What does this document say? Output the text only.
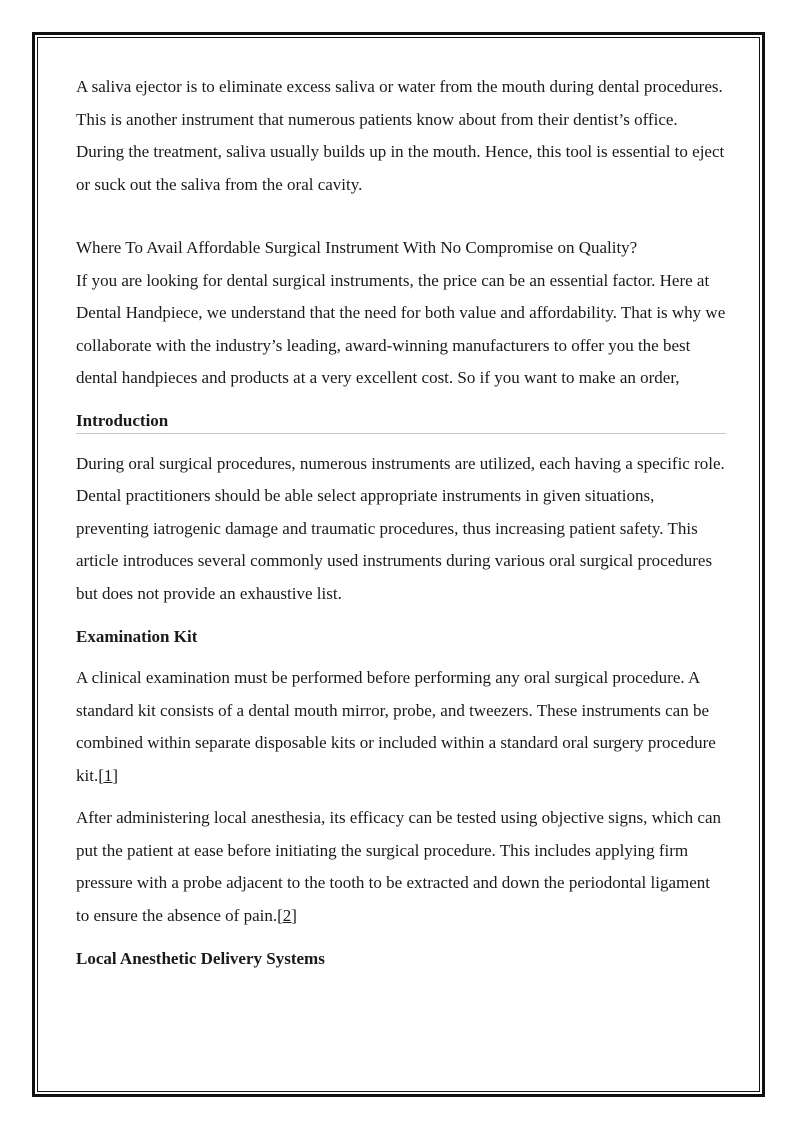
A saliva ejector is to eliminate excess saliva or water from the mouth during dental procedures. This is another instrument that numerous patients know about from their dentist’s office. During the treatment, saliva usually builds up in the mouth. Hence, this tool is essential to eject or suck out the saliva from the oral cavity.

Where To Avail Affordable Surgical Instrument With No Compromise on Quality?

If you are looking for dental surgical instruments, the price can be an essential factor. Here at Dental Handpiece, we understand that the need for both value and affordability. That is why we collaborate with the industry’s leading, award-winning manufacturers to offer you the best dental handpieces and products at a very excellent cost. So if you want to make an order,

Introduction

During oral surgical procedures, numerous instruments are utilized, each having a specific role. Dental practitioners should be able select appropriate instruments in given situations, preventing iatrogenic damage and traumatic procedures, thus increasing patient safety. This article introduces several commonly used instruments during various oral surgical procedures but does not provide an exhaustive list.

Examination Kit

A clinical examination must be performed before performing any oral surgical procedure. A standard kit consists of a dental mouth mirror, probe, and tweezers. These instruments can be combined within separate disposable kits or included within a standard oral surgery procedure kit.[1]

After administering local anesthesia, its efficacy can be tested using objective signs, which can put the patient at ease before initiating the surgical procedure. This includes applying firm pressure with a probe adjacent to the tooth to be extracted and down the periodontal ligament to ensure the absence of pain.[2]

Local Anesthetic Delivery Systems
